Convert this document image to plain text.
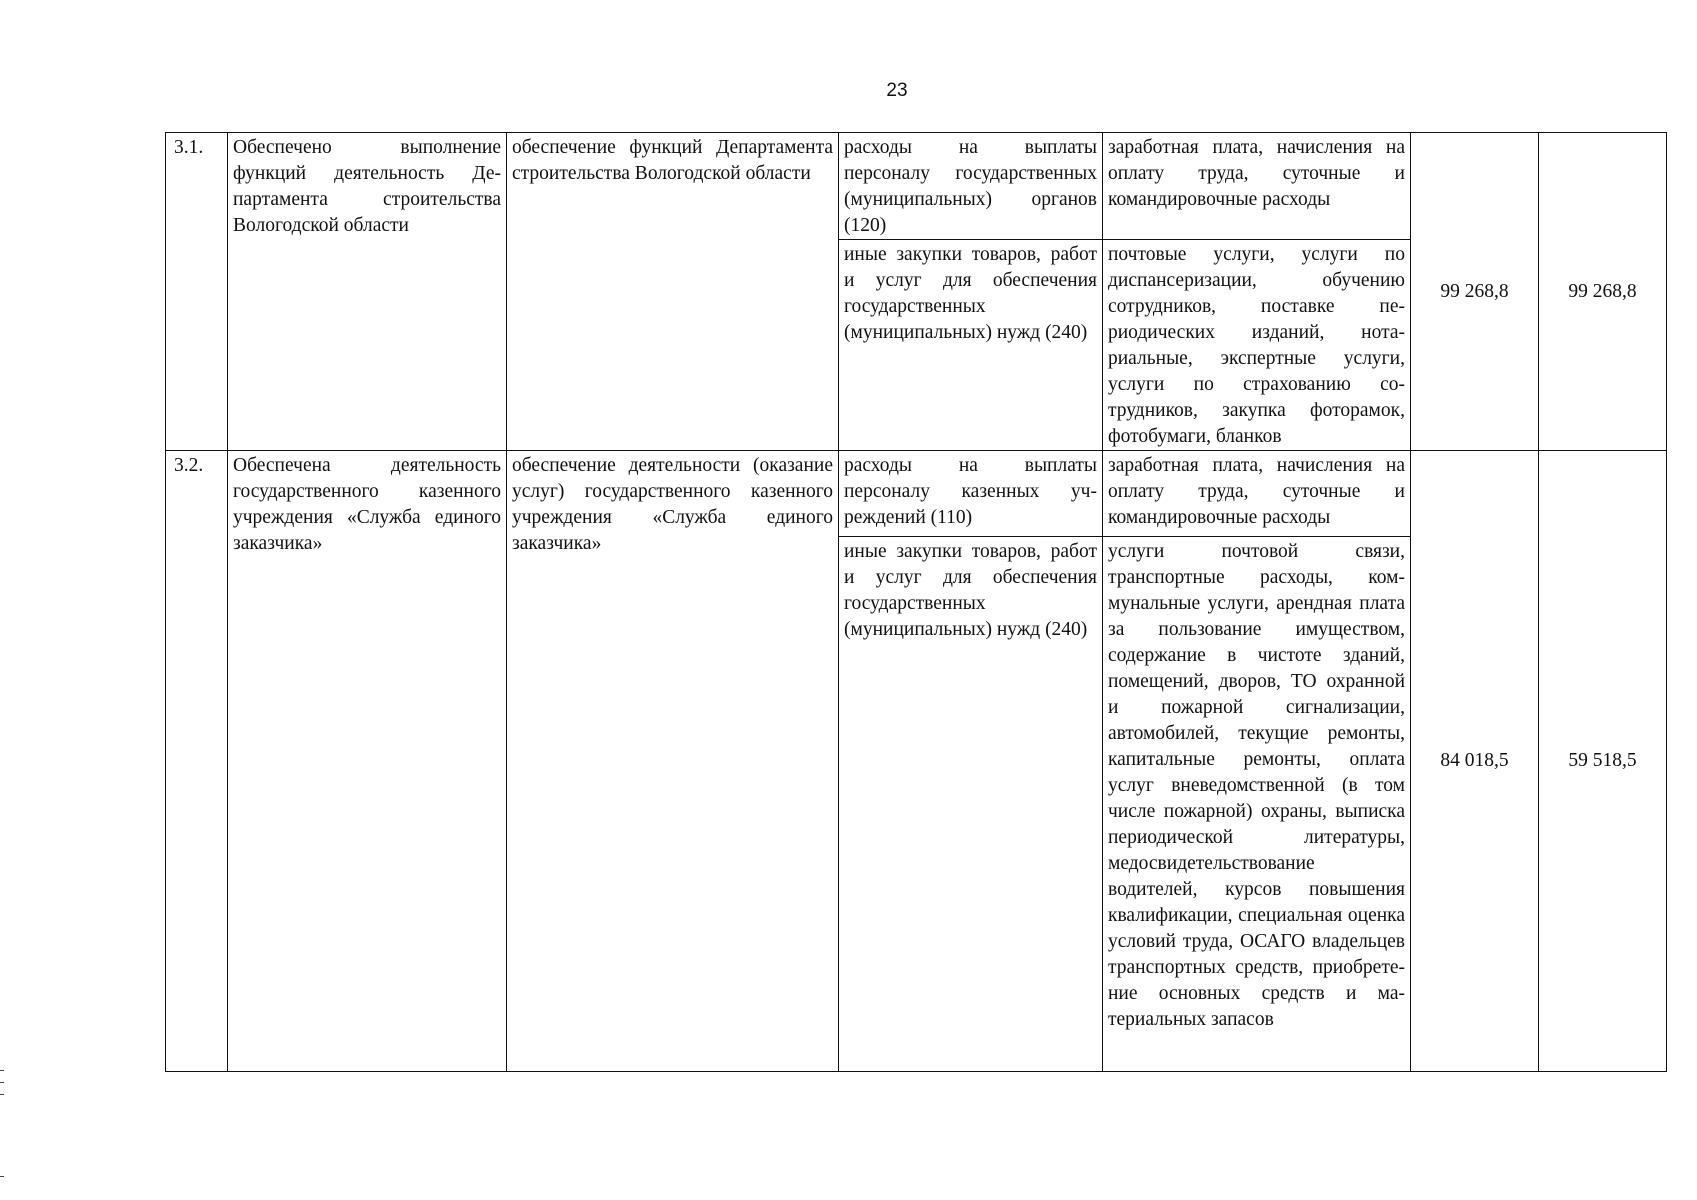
23
3.1.	Обеспечено выполнение функций деятельность Департамента строительства Вологодской области	обеспечение функций Департамента строительства Вологодской области	расходы на выплаты персоналу государственных (муниципальных) органов (120)	заработная плата, начисления на оплату труда, суточные и командировочные расходы	99 268,8	99 268,8
			иные закупки товаров, работ и услуг для обеспечения государственных (муниципальных) нужд (240)	почтовые услуги, услуги по диспансеризации, обучению сотрудников, поставке периодических изданий, нотариальные, экспертные услуги, услуги по страхованию сотрудников, закупка фоторамок, фотобумаги, бланков		
3.2.	Обеспечена деятельность государственного казенного учреждения «Служба единого заказчика»	обеспечение деятельности (оказание услуг) государственного казенного учреждения «Служба единого заказчика»	расходы на выплаты персоналу казенных учреждений (110)	заработная плата, начисления на оплату труда, суточные и командировочные расходы	84 018,5	59 518,5
			иные закупки товаров, работ и услуг для обеспечения государственных (муниципальных) нужд (240)	услуги почтовой связи, транспортные расходы, коммунальные услуги, арендная плата за пользование имуществом, содержание в чистоте зданий, помещений, дворов, ТО охранной и пожарной сигнализации, автомобилей, текущие ремонты, капитальные ремонты, оплата услуг вневедомственной (в том числе пожарной) охраны, выписка периодической литературы, медосвидетельствование водителей, курсов повышения квалификации, специальная оценка условий труда, ОСАГО владельцев транспортных средств, приобретение основных средств и материальных запасов		
